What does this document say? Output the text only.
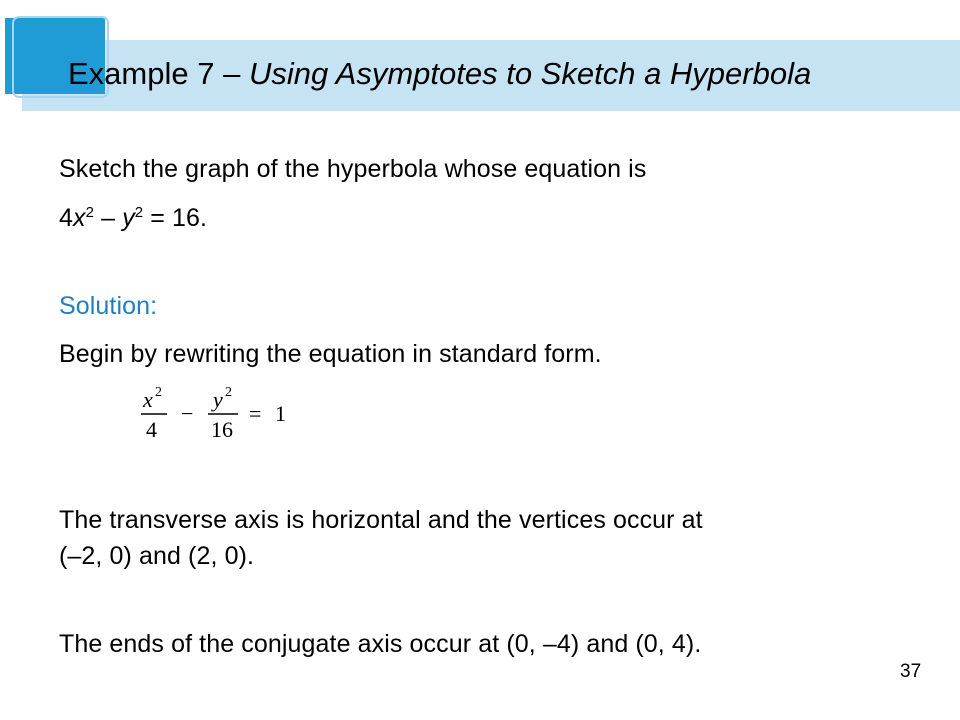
Example 7 – Using Asymptotes to Sketch a Hyperbola
Sketch the graph of the hyperbola whose equation is
$4x^2 - y^2 = 16$.
Solution:
Begin by rewriting the equation in standard form.
x 2
4
−
y 2
16
= 1
The transverse axis is horizontal and the vertices occur at
(–2, 0) and (2, 0).
The ends of the conjugate axis occur at (0, –4) and (0, 4).
37
